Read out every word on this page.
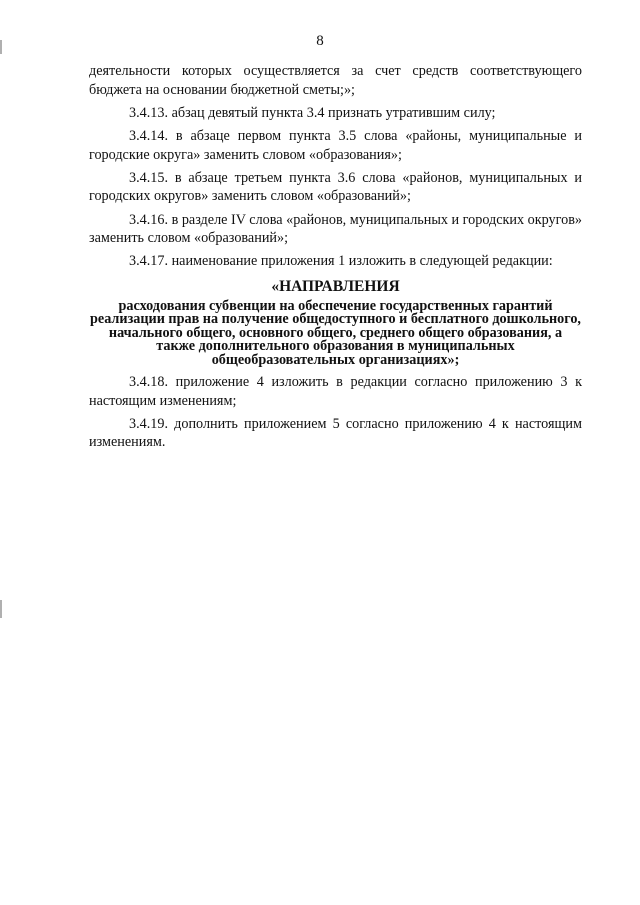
8

деятельности которых осуществляется за счет средств соответствующего бюджета на основании бюджетной сметы;»;

3.4.13. абзац девятый пункта 3.4 признать утратившим силу;

3.4.14. в абзаце первом пункта 3.5 слова «районы, муниципальные и городские округа» заменить словом «образования»;

3.4.15. в абзаце третьем пункта 3.6 слова «районов, муниципальных и городских округов» заменить словом «образований»;

3.4.16. в разделе IV слова «районов, муниципальных и городских округов» заменить словом «образований»;

3.4.17. наименование приложения 1 изложить в следующей редакции:

«НАПРАВЛЕНИЯ
расходования субвенции на обеспечение государственных гарантий реализации прав на получение общедоступного и бесплатного дошкольного, начального общего, основного общего, среднего общего образования, а также дополнительного образования в муниципальных общеобразовательных организациях»;

3.4.18. приложение 4 изложить в редакции согласно приложению 3 к настоящим изменениям;

3.4.19. дополнить приложением 5 согласно приложению 4 к настоящим изменениям.
